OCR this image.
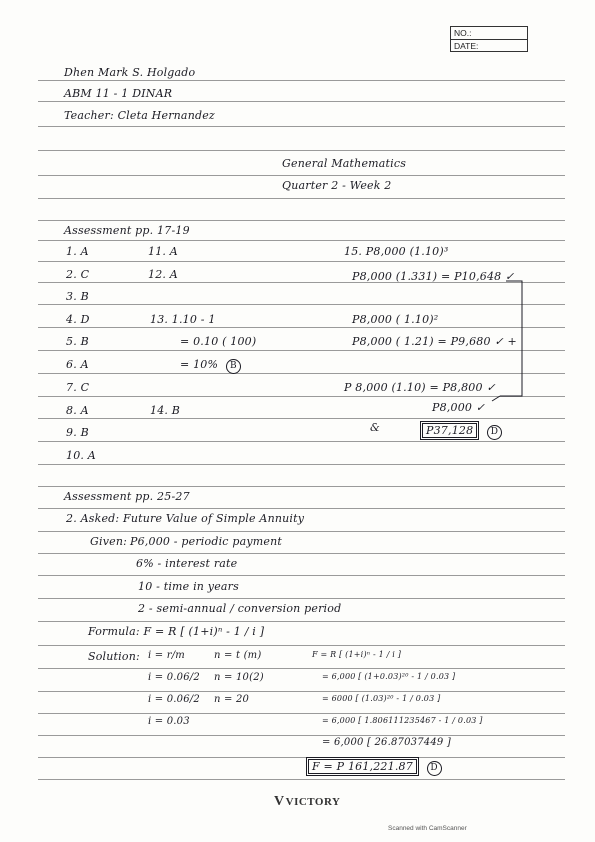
NO.:
DATE:
Dhen Mark S. Holgado
ABM 11 - 1 DINAR
Teacher: Cleta Hernandez
General Mathematics
Quarter 2 - Week 2
Assessment pp. 17-19
1. A
2. C
3. B
4. D
5. B
6. A
7. C
8. A
9. B
10. A
11. A
12. A
13. 1.10 - 1
= 0.10 ( 100)
= 10% B
14. B
15. P8,000 (1.10)³
P8,000 (1.331) = P10,648 ✓
P8,000 ( 1.10)²
P8,000 ( 1.21) = P9,680 ✓ +
P 8,000 (1.10) = P8,800 ✓
P8,000 ✓
&	P37,128 D
Assessment pp. 25-27
2. Asked: Future Value of Simple Annuity
Given: P6,000 - periodic payment
6% - interest rate
10 - time in years
2 - semi-annual / conversion period
Formula: F = R [ (1+i)ⁿ - 1 / i ]
Solution: i = r/m
i = 0.06/2
i = 0.06/2
i = 0.03
n = t (m)
n = 10(2)
n = 20
F = R [ (1+i)ⁿ - 1 / i ]
= 6,000 [ (1+0.03)²⁰ - 1 / 0.03 ]
= 6000 [ (1.03)²⁰ - 1 / 0.03 ]
= 6,000 [ 1.806111235467 - 1 / 0.03 ]
= 6,000 [ 26.87037449 ]
F = P 161,221.87 D
VVICTORY
Scanned with CamScanner
